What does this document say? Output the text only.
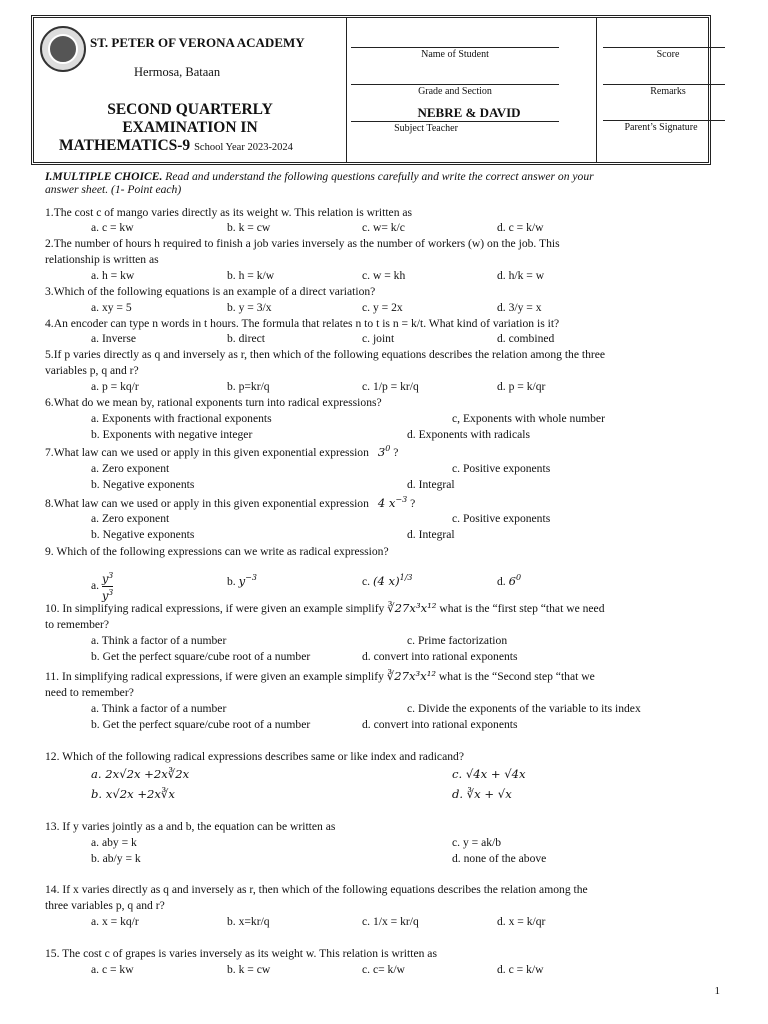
ST. PETER OF VERONA ACADEMY
Hermosa, Bataan
SECOND QUARTERLY
EXAMINATION IN
MATHEMATICS-9 School Year 2023-2024
Name of Student
Grade and Section
NEBRE & DAVID
Subject Teacher
Score
Remarks
Parent’s Signature
I.MULTIPLE CHOICE. Read and understand the following questions carefully and write the correct answer on your
answer sheet. (1- Point each)
1.The cost c of mango varies directly as its weight w. This relation is written as
a. c = kw	b. k = cw	c. w= k/c	d. c = k/w
2.The number of hours h required to finish a job varies inversely as the number of workers (w) on the job. This
relationship is written as
a. h = kw	b. h = k/w	c. w = kh	d. h/k = w
3.Which of the following equations is an example of a direct variation?
a. xy = 5	b. y = 3/x	c. y = 2x	d. 3/y = x
4.An encoder can type n words in t hours. The formula that relates n to t is n = k/t. What kind of variation is it?
a. Inverse	b. direct	c. joint	d. combined
5.If p varies directly as q and inversely as r, then which of the following equations describes the relation among the three
variables p, q and r?
a. p = kq/r	b. p=kr/q	c. 1/p = kr/q	d. p = k/qr
6.What do we mean by, rational exponents turn into radical expressions?
a. Exponents with fractional exponents	c, Exponents with whole number
b. Exponents with negative integer	d. Exponents with radicals
7.What law can we used or apply in this given exponential expression $3^0$ ?
a. Zero exponent	c. Positive exponents
b. Negative exponents	d. Integral
8.What law can we used or apply in this given exponential expression 4 $x^{-3}$ ?
a. Zero exponent	c. Positive exponents
b. Negative exponents	d. Integral
9. Which of the following expressions can we write as radical expression?
a. $\frac{y^3}{y^3}$	b. $y^{-3}$	c. (4 x)$^{1/3}$	d. $6^0$
10. In simplifying radical expressions, if were given an example simplify ∛27x³x¹² what is the “first step “that we need
to remember?
a. Think a factor of a number	c. Prime factorization
b. Get the perfect square/cube root of a number	d. convert into rational exponents
11. In simplifying radical expressions, if were given an example simplify ∛27x³x¹² what is the “Second step “that we
need to remember?
a. Think a factor of a number	c. Divide the exponents of the variable to its index
b. Get the perfect square/cube root of a number	d. convert into rational exponents
12. Which of the following radical expressions describes same or like index and radicand?
a. 2x√2x +2x∛2x	c. √4x + √4x
b. x√2x +2x∛x	d. ∛x + √x
13. If y varies jointly as a and b, the equation can be written as
a. aby = k	c. y = ak/b
b. ab/y = k	d. none of the above
14. If x varies directly as q and inversely as r, then which of the following equations describes the relation among the
three variables p, q and r?
a. x = kq/r	b. x=kr/q	c. 1/x = kr/q	d. x = k/qr
15. The cost c of grapes is varies inversely as its weight w. This relation is written as
a. c = kw	b. k = cw	c. c= k/w	d. c = k/w
1
